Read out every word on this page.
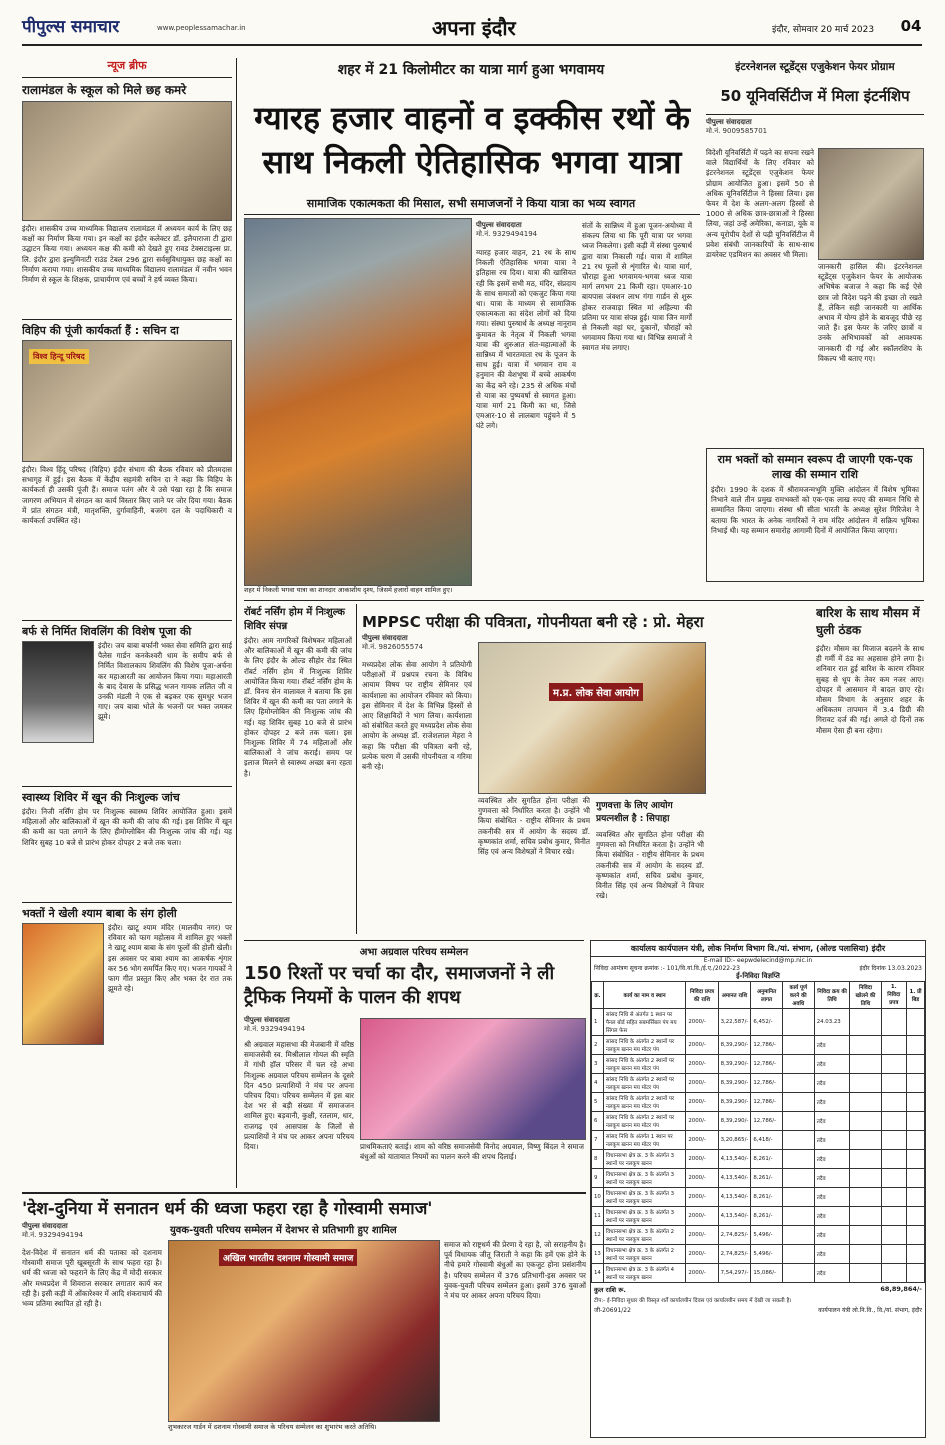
पीपुल्स समाचार	www.peoplessamachar.in	अपना इंदौर	इंदौर, सोमवार 20 मार्च 2023 04
न्यूज ब्रीफ
रालामंडल के स्कूल को मिले छह कमरे
इंदौर। शासकीय उच्च माध्यमिक विद्यालय रालामंडल में अध्ययन कार्य के लिए छह कक्षों का निर्माण किया गया। इन कक्षों का इंदौर कलेक्टर डॉ. इलैयाराजा टी द्वारा उद्घाटन किया गया। अध्ययन कक्ष की कमी को देखते हुए रावड टेक्सटाइल्स प्रा. लि. इंदौर द्वारा इल्युमिनाटी राउंड टेबल 296 द्वारा सर्वसुविधायुक्त छह कक्षों का निर्माण कराया गया। शासकीय उच्च माध्यमिक विद्यालय रालामंडल में नवीन भवन निर्माण से स्कूल के शिक्षक, प्राचार्यगण एवं बच्चों ने हर्ष व्यक्त किया।
विहिप की पूंजी कार्यकर्ता हैं : सचिन दा
विश्व हिन्दू परिषद
इंदौर। विश्व हिंदू परिषद (विहिप) इंदौर संभाग की बैठक रविवार को प्रीतमदास सभागृह में हुई। इस बैठक में केंद्रीय सहमंत्री सचिन दा ने कहा कि विहिप के कार्यकर्ता ही उसकी पूंजी हैं। समाज पतंग और ये उसे पंखा रहा है कि समाज जागरण अभियान में संगठन का कार्य विस्तार किए जाने पर जोर दिया गया। बैठक में प्रांत संगठन मंत्री, मातृशक्ति, दुर्गावाहिनी, बजरंग दल के पदाधिकारी व कार्यकर्ता उपस्थित रहे।
बर्फ से निर्मित शिवलिंग की विशेष पूजा की
इंदौर। जय बाबा बर्फानी भक्त सेवा समिति द्वारा साई पैलेस गार्डन कनकेश्वरी धाम के समीप बर्फ से निर्मित विशालकाय शिवलिंग की विशेष पूजा-अर्चना कर महाआरती का आयोजन किया गया। महाआरती के बाद देवास के प्रसिद्ध भजन गायक ललित जी व उनकी मंडली ने एक से बढ़कर एक सुमधुर भजन गाए। जय बाबा भोले के भजनों पर भक्त जमकर झूमे।
स्वास्थ्य शिविर में खून की निःशुल्क जांच
इंदौर। निजी नर्सिंग होम पर निःशुल्क स्वास्थ्य शिविर आयोजित हुआ। इसमें महिलाओं और बालिकाओं में खून की कमी की जांच की गई। इस शिविर में खून की कमी का पता लगाने के लिए हीमोग्लोबिन की निःशुल्क जांच की गई। यह शिविर सुबह 10 बजे से प्रारंभ होकर दोपहर 2 बजे तक चला।
भक्तों ने खेली श्याम बाबा के संग होली
इंदौर। खाटू श्याम मंदिर (मालवीय नगर) पर रविवार को फाग महोत्सव में शामिल हुए भक्तों ने खाटू श्याम बाबा के संग फूलों की होली खेली। इस अवसर पर बाबा श्याम का आकर्षक शृंगार कर 56 भोग समर्पित किए गए। भजन गायकों ने फाग गीत प्रस्तुत किए और भक्त देर रात तक झूमते रहे।
शहर में 21 किलोमीटर का यात्रा मार्ग हुआ भगवामय
ग्यारह हजार वाहनों व इक्कीस रथों के साथ निकली ऐतिहासिक भगवा यात्रा
सामाजिक एकात्मकता की मिसाल, सभी समाजजनों ने किया यात्रा का भव्य स्वागत
शहर में निकली भगवा यात्रा का शानदार आकाशीय दृश्य, जिसमें हजारों वाहन शामिल हुए।
पीपुल्स संवाददाता
मो.नं. 9329494194
ग्यारह हजार वाहन, 21 रथ के साथ निकली ऐतिहासिक भगवा यात्रा ने इतिहास रच दिया। यात्रा की खासियत रही कि इसमें सभी मठ, मंदिर, संप्रदाय के साथ समाजों को एकजुट किया गया था। यात्रा के माध्यम से सामाजिक एकात्मकता का संदेश लोगों को दिया गया। संस्था पुरुषार्थ के अध्यक्ष नानूराम कुमावत के नेतृत्व में निकली भगवा यात्रा की शुरुआत संत-महात्माओं के सान्निध्य में भारतमाता रथ के पूजन के साथ हुई। यात्रा में भगवान राम व हनुमान की वेशभूषा में बच्चे आकर्षण का केंद्र बने रहे। 235 से अधिक मंचों से यात्रा का पुष्पवर्षा से स्वागत हुआ। यात्रा मार्ग 21 किमी का था, जिसे एमआर-10 से लालबाग पहुंचने में 5 घंटे लगे।
संतों के सान्निध्य में हुआ पूजन-अयोध्या में संकल्प लिया था कि पूरी यात्रा पर भगवा ध्वज निकलेगा। इसी कड़ी में संस्था पुरुषार्थ द्वारा यात्रा निकाली गई। यात्रा में शामिल 21 रथ फूलों से शृंगारित थे। यात्रा मार्ग, चौराहा हुआ भगवामय-भगवा ध्वज यात्रा मार्ग लगभग 21 किमी रहा। एमआर-10 बायपास जंक्शन लाभ गंगा गार्डन से शुरू होकर राजवाड़ा स्थित मां अहिल्या की प्रतिमा पर यात्रा संपन्न हुई। यात्रा जिन मार्गों से निकली वहां घर, दुकानों, चौराहों को भगवामय किया गया था। विभिन्न समाजों ने स्वागत मंच लगाए।
इंटरनेशनल स्टूडेंट्स एजुकेशन फेयर प्रोग्राम
50 यूनिवर्सिटीज में मिला इंटर्नशिप
पीपुल्स संवाददाता
मो.नं. 9009585701
विदेशी यूनिवर्सिटी में पढ़ने का सपना रखने वाले विद्यार्थियों के लिए रविवार को इंटरनेशनल स्टूडेंट्स एजुकेशन फेयर प्रोग्राम आयोजित हुआ। इसमें 50 से अधिक यूनिवर्सिटीज ने हिस्सा लिया। इस फेयर में देश के अलग-अलग हिस्सों से 1000 से अधिक छात्र-छात्राओं ने हिस्सा लिया, जहां उन्हें अमेरिका, कनाडा, यूके व अन्य यूरोपीय देशों से पढ़ी यूनिवर्सिटीज में प्रवेश संबंधी जानकारियों के साथ-साथ डायरेक्ट एडमिशन का अवसर भी मिला।
जानकारी हासिल की। इंटरनेशनल स्टूडेंट्स एजुकेशन फेयर के आयोजक अभिषेक बजाज ने कहा कि कई ऐसे छात्र जो विदेश पढ़ने की इच्छा तो रखते हैं, लेकिन सही जानकारी या आर्थिक अभाव में योग्य होने के बावजूद पीछे रह जाते हैं। इस फेयर के जरिए छात्रों व उनके अभिभावकों को आवश्यक जानकारी दी गई और स्कॉलरशिप के विकल्प भी बताए गए।
राम भक्तों को सम्मान स्वरूप दी जाएगी एक-एक लाख की सम्मान राशि
इंदौर। 1990 के दशक में श्रीरामजन्मभूमि मुक्ति आंदोलन में विशेष भूमिका निभाने वाले तीन प्रमुख रामभक्तों को एक-एक लाख रुपए की सम्मान निधि से सम्मानित किया जाएगा। संस्था श्री सीता भारती के अध्यक्ष सुरेश गिरिजेश ने बताया कि भारत के अनेक नागरिकों ने राम मंदिर आंदोलन में सक्रिय भूमिका निभाई थी। यह सम्मान समारोह आगामी दिनों में आयोजित किया जाएगा।
रॉबर्ट नर्सिंग होम में निःशुल्क शिविर संपन्न
इंदौर। आम नागरिकों विशेषकर महिलाओं और बालिकाओं में खून की कमी की जांच के लिए इंदौर के ओल्ड सीहोर रोड स्थित रॉबर्ट नर्सिंग होम में निःशुल्क शिविर आयोजित किया गया। रॉबर्ट नर्सिंग होम के डॉ. विनय सेन वालावल ने बताया कि इस शिविर में खून की कमी का पता लगाने के लिए हिमोग्लोबिन की निःशुल्क जांच की गई। यह शिविर सुबह 10 बजे से प्रारंभ होकर दोपहर 2 बजे तक चला। इस निःशुल्क शिविर में 74 महिलाओं और बालिकाओं ने जांच कराई। समय पर इलाज मिलने से स्वास्थ्य अच्छा बना रहता है।
MPPSC परीक्षा की पवित्रता, गोपनीयता बनी रहे : प्रो. मेहरा
पीपुल्स संवाददाता
मो.नं. 9826055574
मध्यप्रदेश लोक सेवा आयोग ने प्रतियोगी परीक्षाओं में प्रश्नपत्र रचना के विविध आयाम विषय पर राष्ट्रीय सेमिनार एवं कार्यशाला का आयोजन रविवार को किया। इस सेमिनार में देश के विभिन्न हिस्सों से आए शिक्षाविदों ने भाग लिया। कार्यशाला को संबोधित करते हुए मध्यप्रदेश लोक सेवा आयोग के अध्यक्ष डॉ. राजेशलाल मेहरा ने कहा कि परीक्षा की पवित्रता बनी रहे, प्रत्येक चरण में उसकी गोपनीयता व गरिमा बनी रहे।
म.प्र. लोक सेवा आयोग
व्यवस्थित और सुगठित होना परीक्षा की गुणवत्ता को निर्धारित करता है। उन्होंने भी किया संबोधित - राष्ट्रीय सेमिनार के प्रथम तकनीकी सत्र में आयोग के सदस्य डॉ. कृष्णकांत शर्मा, सचिव प्रबोध कुमार, विनीत सिंह एवं अन्य विशेषज्ञों ने विचार रखे।
गुणवत्ता के लिए आयोग प्रयत्नशील है : सिपाहा
व्यवस्थित और सुगठित होना परीक्षा की गुणवत्ता को निर्धारित करता है। उन्होंने भी किया संबोधित - राष्ट्रीय सेमिनार के प्रथम तकनीकी सत्र में आयोग के सदस्य डॉ. कृष्णकांत शर्मा, सचिव प्रबोध कुमार, विनीत सिंह एवं अन्य विशेषज्ञों ने विचार रखे।
बारिश के साथ मौसम में घुली ठंडक
इंदौर। मौसम का मिजाज बदलने के साथ ही गर्मी में ठंड का अहसास होने लगा है। शनिवार रात हुई बारिश के कारण रविवार सुबह से धूप के तेवर कम नजर आए। दोपहर में आसमान में बादल छाए रहे। मौसम विभाग के अनुसार शहर के अधिकतम तापमान में 3.4 डिग्री की गिरावट दर्ज की गई। अगले दो दिनों तक मौसम ऐसा ही बना रहेगा।
अभा अग्रवाल परिचय सम्मेलन
150 रिश्तों पर चर्चा का दौर, समाजजनों ने ली ट्रैफिक नियमों के पालन की शपथ
पीपुल्स संवाददाता
मो.नं. 9329494194
श्री अग्रवाल महासभा की मेजबानी में वरिष्ठ समाजसेवी स्व. मिश्रीलाल गोयल की स्मृति में गांधी हॉल परिसर में चल रहे अभा निःशुल्क अग्रवाल परिचय सम्मेलन के दूसरे दिन 450 प्रत्याशियों ने मंच पर अपना परिचय दिया। परिचय सम्मेलन में इस बार देश भर से बड़ी संख्या में समाजजन शामिल हुए। बड़वानी, कुक्षी, रतलाम, धार, राजगढ़ एवं आसपास के जिलों से प्रत्याशियों ने मंच पर आकर अपना परिचय दिया।	प्राथमिकताएं बताई। शाम को वरिष्ठ समाजसेवी विनोद अग्रवाल, विष्णु बिंदल ने समाज बंधुओं को यातायात नियमों का पालन करने की शपथ दिलाई।
कार्यालय कार्यपालन यंत्री, लोक निर्माण विभाग वि./यां. संभाग, (ओल्ड पलासिया) इंदौर
E-mail ID:- eepwdelecind@mp.nic.in
निविदा आमंत्रण सूचना क्रमांक :- 101/वि.यां.वि./ई.ए./2022-23	इंदौर दिनांक 13.03.2023
ई-निविदा विज्ञप्ति
क्र.	कार्य का नाम व स्थान	निविदा प्रपत्र की राशि	अमानत राशि	अनुमानित लागत	कार्य पूर्ण करने की अवधि	निविदा क्रय की तिथि	निविदा खोलने की तिथि	1. निविदा प्रपत्र	1. प्री बिड
1	सांसद निधि से अंतर्गत 1 स्थान पर पैनल बोर्ड सहित सबमर्सिबल पंप मय सिंगल फेस	2000/-	3,22,587/-	6,452/-		24.03.23			
2	सांसद निधि के अंतर्गत 2 स्थानों पर नलकूप खनन मय मोटर पंप	2000/-	8,39,290/-	12,786/-		तदैव			
3	सांसद निधि के अंतर्गत 2 स्थानों पर नलकूप खनन मय मोटर पंप	2000/-	8,39,290/-	12,786/-		तदैव			
4	सांसद निधि के अंतर्गत 2 स्थानों पर नलकूप खनन मय मोटर पंप	2000/-	8,39,290/-	12,786/-		तदैव			
5	सांसद निधि के अंतर्गत 2 स्थानों पर नलकूप खनन मय मोटर पंप	2000/-	8,39,290/-	12,786/-		तदैव			
6	सांसद निधि के अंतर्गत 2 स्थानों पर नलकूप खनन मय मोटर पंप	2000/-	8,39,290/-	12,786/-		तदैव			
7	सांसद निधि के अंतर्गत 1 स्थान पर नलकूप खनन मय मोटर पंप	2000/-	3,20,865/-	6,418/-		तदैव			
8	विधानसभा क्षेत्र क्र. 3 के अंतर्गत 3 स्थानों पर नलकूप खनन	2000/-	4,13,540/-	8,261/-		तदैव			
9	विधानसभा क्षेत्र क्र. 3 के अंतर्गत 3 स्थानों पर नलकूप खनन	2000/-	4,13,540/-	8,261/-		तदैव			
10	विधानसभा क्षेत्र क्र. 3 के अंतर्गत 3 स्थानों पर नलकूप खनन	2000/-	4,13,540/-	8,261/-		तदैव			
11	विधानसभा क्षेत्र क्र. 3 के अंतर्गत 3 स्थानों पर नलकूप खनन	2000/-	4,13,540/-	8,261/-		तदैव			
12	विधानसभा क्षेत्र क्र. 3 के अंतर्गत 2 स्थानों पर नलकूप खनन	2000/-	2,74,825/-	5,496/-		तदैव			
13	विधानसभा क्षेत्र क्र. 3 के अंतर्गत 2 स्थानों पर नलकूप खनन	2000/-	2,74,825/-	5,496/-		तदैव			
14	विधानसभा क्षेत्र क्र. 3 के अंतर्गत 4 स्थानों पर नलकूप खनन	2000/-	7,54,297/-	15,086/-		तदैव			
कुल राशि रू.	68,89,864/-
टीप:- ई-निविदा सुधार की विस्तृत शर्तें कार्यालयीन दिवस एवं कार्यालयीन समय में देखी जा सकती है।
जी-20691/22	कार्यपालन यंत्री लो.नि.वि., वि./यां. संभाग, इंदौर
'देश-दुनिया में सनातन धर्म की ध्वजा फहरा रहा है गोस्वामी समाज'
पीपुल्स संवाददाता
मो.नं. 9329494194	युवक-युवती परिचय सम्मेलन में देशभर से प्रतिभागी हुए शामिल
देश-विदेश में सनातन धर्म की पताका को दशनाम गोस्वामी समाज पूरी खूबसूरती के साथ फहरा रहा है। धर्म की ध्वजा को फहराने के लिए केंद्र में मोदी सरकार और मध्यप्रदेश में शिवराज सरकार लगातार कार्य कर रही है। इसी कड़ी में ओंकारेश्वर में आदि शंकराचार्य की भव्य प्रतिमा स्थापित हो रही है।
अखिल भारतीय दशनाम गोस्वामी समाज
शुभकारज गार्डन में दशनाम गोस्वामी समाज के परिचय सम्मेलन का शुभारंभ करते अतिथि।
समाज को राष्ट्रधर्म की प्रेरणा दे रहा है, जो सराहनीय है। पूर्व विधायक जीतू जिराती ने कहा कि हमें एक होने के नीचे हमारे गोस्वामी बंधुओं का एकजुट होना प्रसंशनीय है। परिचय सम्मेलन में 376 प्रतिभागी-इस अवसर पर युवक-युवती परिचय सम्मेलन हुआ। इसमें 376 युवाओं ने मंच पर आकर अपना परिचय दिया।
